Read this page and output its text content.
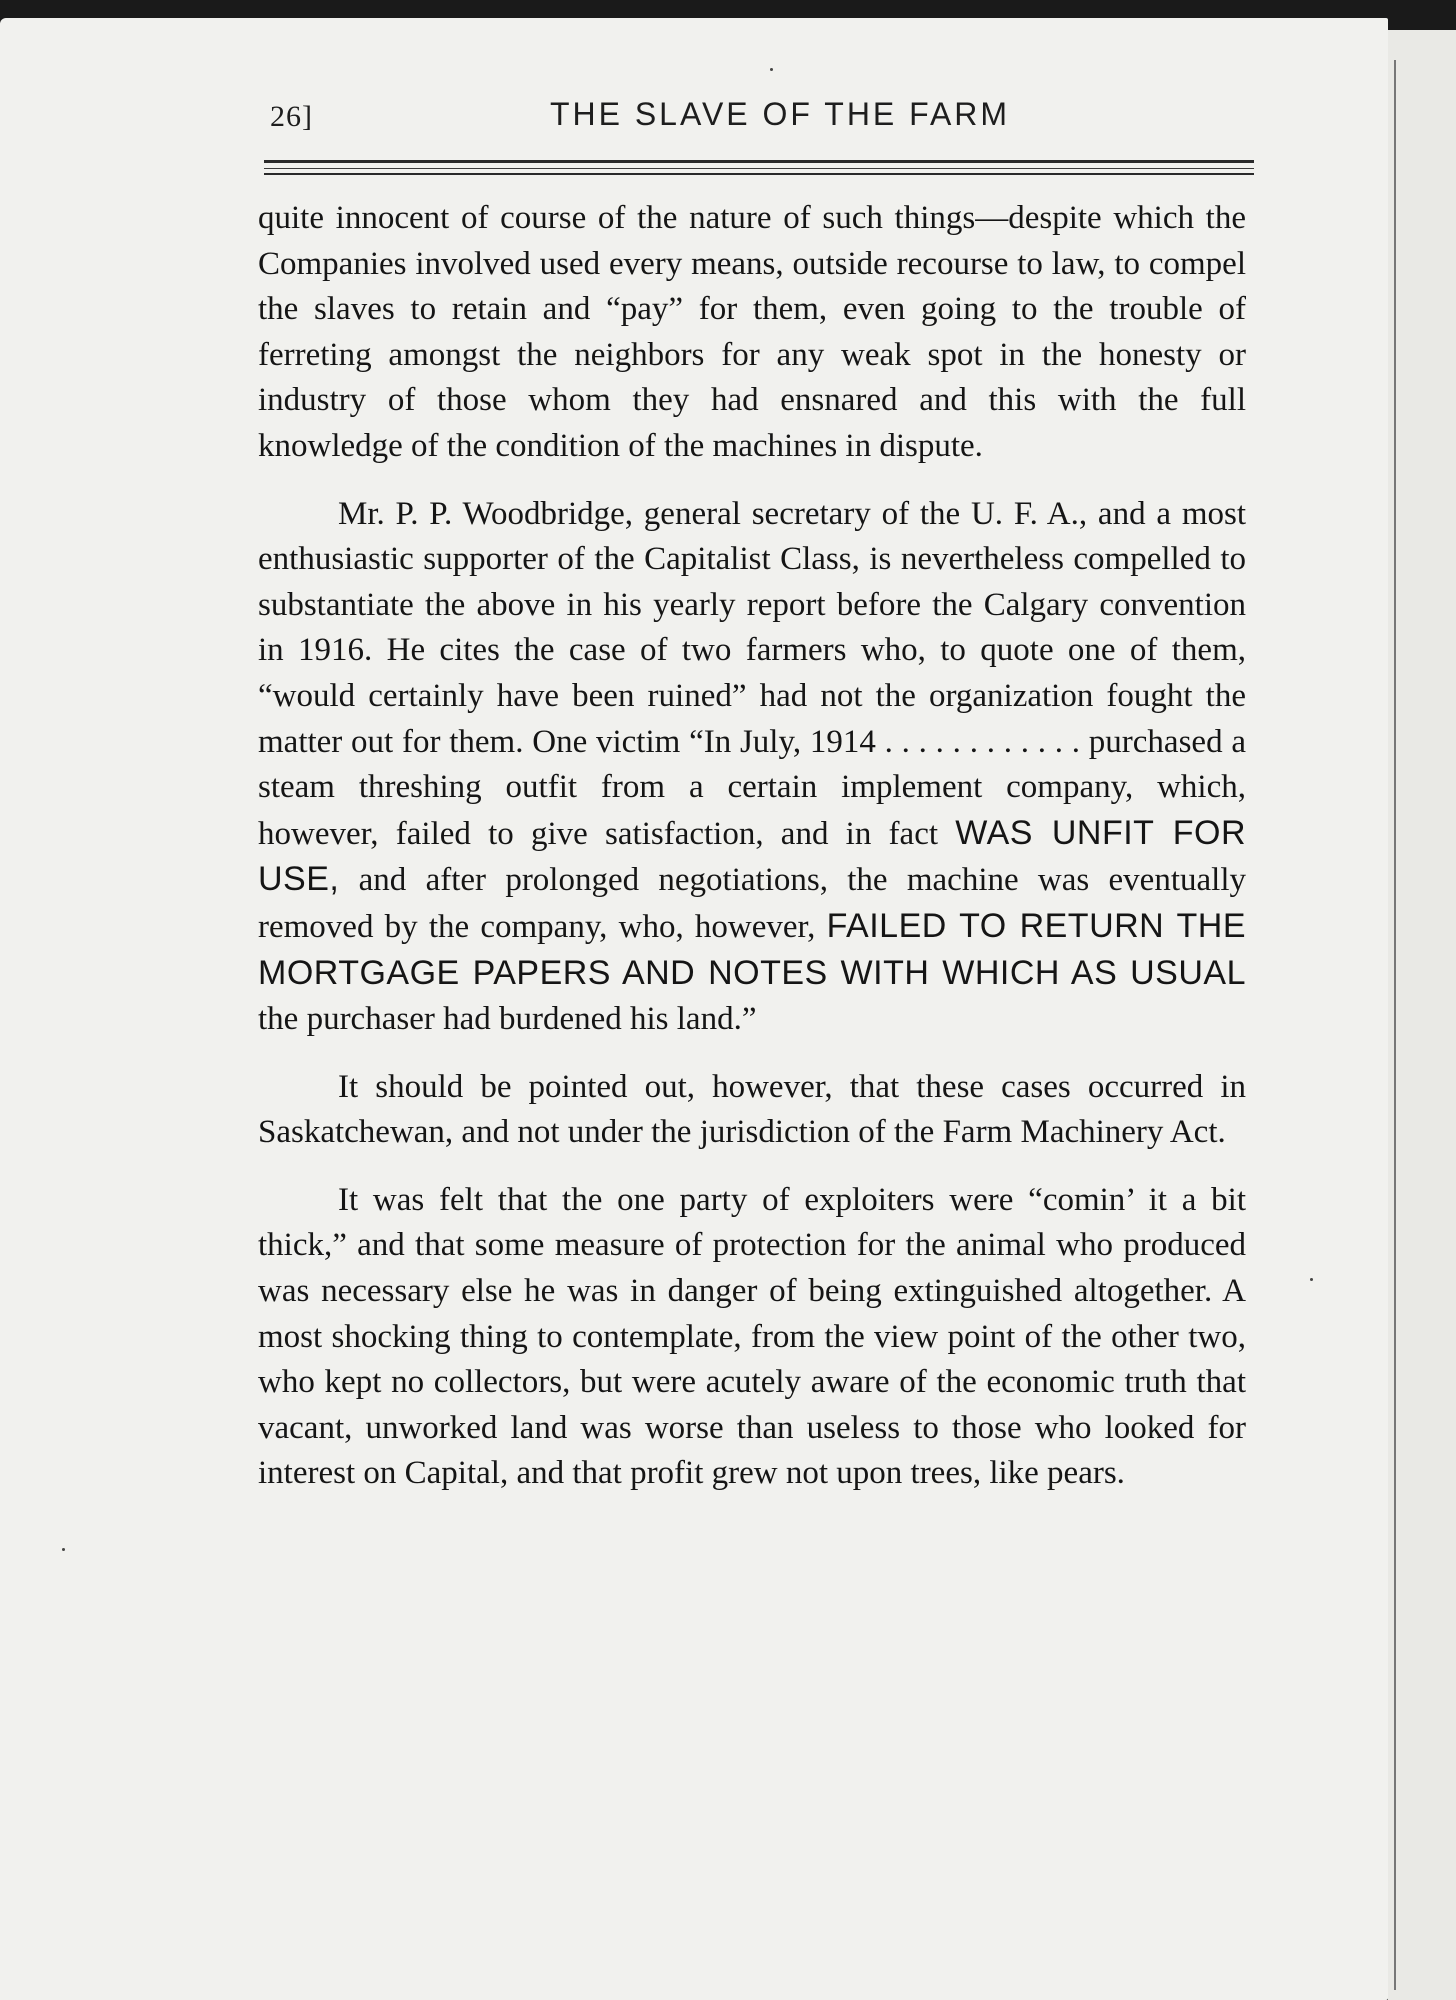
26]	THE SLAVE OF THE FARM

quite innocent of course of the nature of such things—despite which the Companies involved used every means, outside recourse to law, to compel the slaves to retain and “pay” for them, even going to the trouble of ferreting amongst the neighbors for any weak spot in the honesty or industry of those whom they had ensnared and this with the full knowledge of the condition of the machines in dispute.

Mr. P. P. Woodbridge, general secretary of the U. F. A., and a most enthusiastic supporter of the Capitalist Class, is nevertheless compelled to substantiate the above in his yearly report before the Calgary convention in 1916. He cites the case of two farmers who, to quote one of them, “would certainly have been ruined” had not the organization fought the matter out for them. One victim “In July, 1914 . . . . . . . . . . . . purchased a steam threshing outfit from a certain implement company, which, however, failed to give satisfaction, and in fact WAS UNFIT FOR USE, and after prolonged negotiations, the machine was eventually removed by the company, who, however, FAILED TO RETURN THE MORTGAGE PAPERS AND NOTES WITH WHICH AS USUAL the purchaser had burdened his land.”

It should be pointed out, however, that these cases occurred in Saskatchewan, and not under the jurisdiction of the Farm Machinery Act.

It was felt that the one party of exploiters were “comin’ it a bit thick,” and that some measure of protection for the animal who produced was necessary else he was in danger of being extinguished altogether. A most shocking thing to contemplate, from the view point of the other two, who kept no collectors, but were acutely aware of the economic truth that vacant, unworked land was worse than useless to those who looked for interest on Capital, and that profit grew not upon trees, like pears.
